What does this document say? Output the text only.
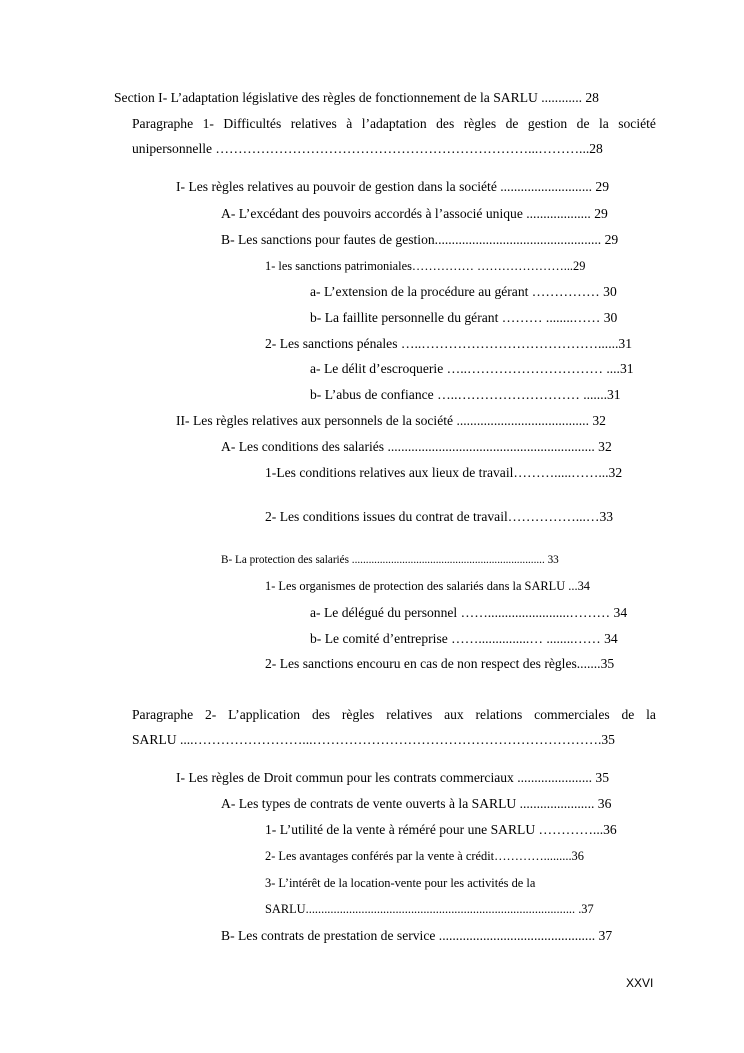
Section I- L’adaptation législative des règles de fonctionnement de la SARLU ............ 28
Paragraphe 1- Difficultés relatives à l’adaptation des règles de gestion de la société
unipersonnelle ……………………………………………………………...………...28
I- Les règles relatives au pouvoir de gestion dans la société ........................... 29
A- L’excédant des pouvoirs accordés à l’associé unique ................... 29
B- Les sanctions pour fautes de gestion................................................. 29
1- les sanctions patrimoniales…………… …………………...29
a- L’extension de la procédure au gérant …………… 30
b- La faillite personnelle du gérant ……… ........…… 30
2- Les sanctions pénales …..…………………………………......31
a- Le délit d’escroquerie …..………………………… ....31
b- L’abus de confiance …..……………………… .......31
II- Les règles relatives aux personnels de la société ....................................... 32
A- Les conditions des salariés ............................................................. 32
1-Les conditions relatives aux lieux de travail……….....……...32
2- Les conditions issues du contrat de travail……………...…33
B- La protection des salariés ..................................................................... 33
1- Les organismes de protection des salariés dans la SARLU ...34
a- Le délégué du personnel ……........................……… 34
b- Le comité d’entreprise ……...............… ........…… 34
2- Les sanctions encouru en cas de non respect des règles.......35
Paragraphe 2- L’application des règles relatives aux relations commerciales de la
SARLU ....……………………...……………………………………………………….35
I- Les règles de Droit commun pour les contrats commerciaux ...................... 35
A- Les types de contrats de vente ouverts à la SARLU ...................... 36
1- L’utilité de la vente à réméré pour une SARLU …………...36
2- Les avantages conférés par la vente à crédit………….........36
3- L’intérêt de la location-vente pour les activités de la
SARLU....................................................................................... .37
B- Les contrats de prestation de service .............................................. 37
XXVI
